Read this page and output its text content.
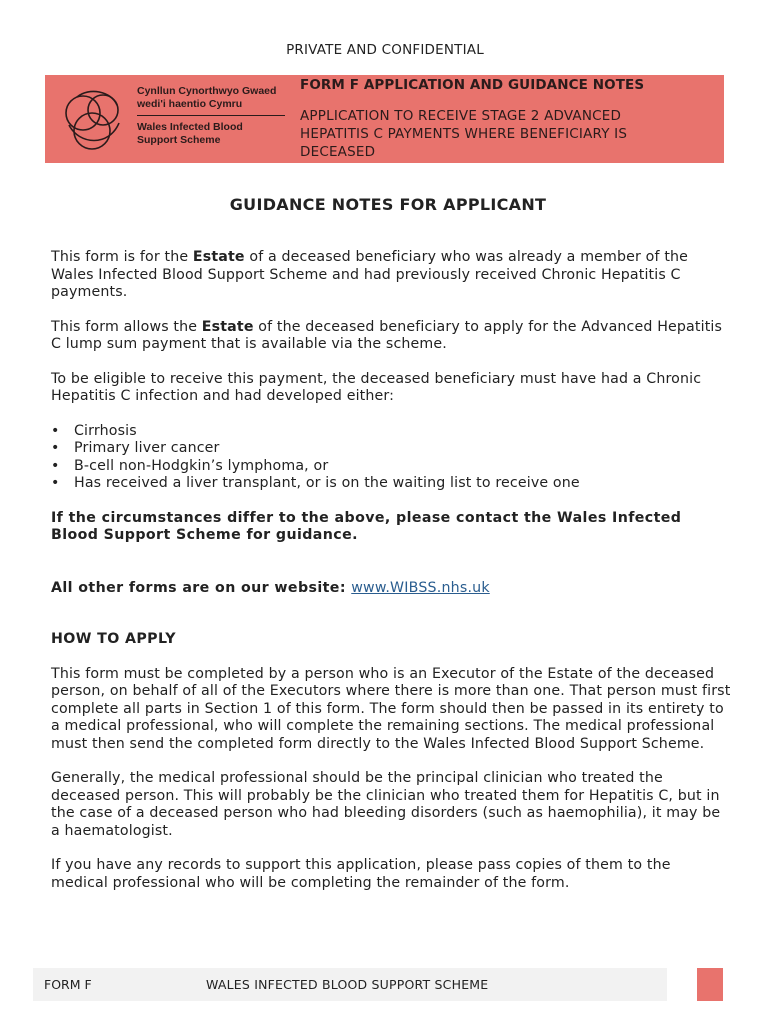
PRIVATE AND CONFIDENTIAL
Cynllun Cynorthwyo Gwaed
wedi'i haentio Cymru
Wales Infected Blood
Support Scheme
FORM F APPLICATION AND GUIDANCE NOTES
APPLICATION TO RECEIVE STAGE 2 ADVANCED
HEPATITIS C PAYMENTS WHERE BENEFICIARY IS
DECEASED
GUIDANCE NOTES FOR APPLICANT

This form is for the Estate of a deceased beneficiary who was already a member of the Wales Infected Blood Support Scheme and had previously received Chronic Hepatitis C payments.

This form allows the Estate of the deceased beneficiary to apply for the Advanced Hepatitis C lump sum payment that is available via the scheme.

To be eligible to receive this payment, the deceased beneficiary must have had a Chronic Hepatitis C infection and had developed either:

• Cirrhosis
• Primary liver cancer
• B-cell non-Hodgkin’s lymphoma, or
• Has received a liver transplant, or is on the waiting list to receive one

If the circumstances differ to the above, please contact the Wales Infected Blood Support Scheme for guidance.

All other forms are on our website: www.WIBSS.nhs.uk

HOW TO APPLY

This form must be completed by a person who is an Executor of the Estate of the deceased person, on behalf of all of the Executors where there is more than one. That person must first complete all parts in Section 1 of this form. The form should then be passed in its entirety to a medical professional, who will complete the remaining sections. The medical professional must then send the completed form directly to the Wales Infected Blood Support Scheme.

Generally, the medical professional should be the principal clinician who treated the deceased person. This will probably be the clinician who treated them for Hepatitis C, but in the case of a deceased person who had bleeding disorders (such as haemophilia), it may be a haematologist.

If you have any records to support this application, please pass copies of them to the medical professional who will be completing the remainder of the form.

FORM F	WALES INFECTED BLOOD SUPPORT SCHEME
